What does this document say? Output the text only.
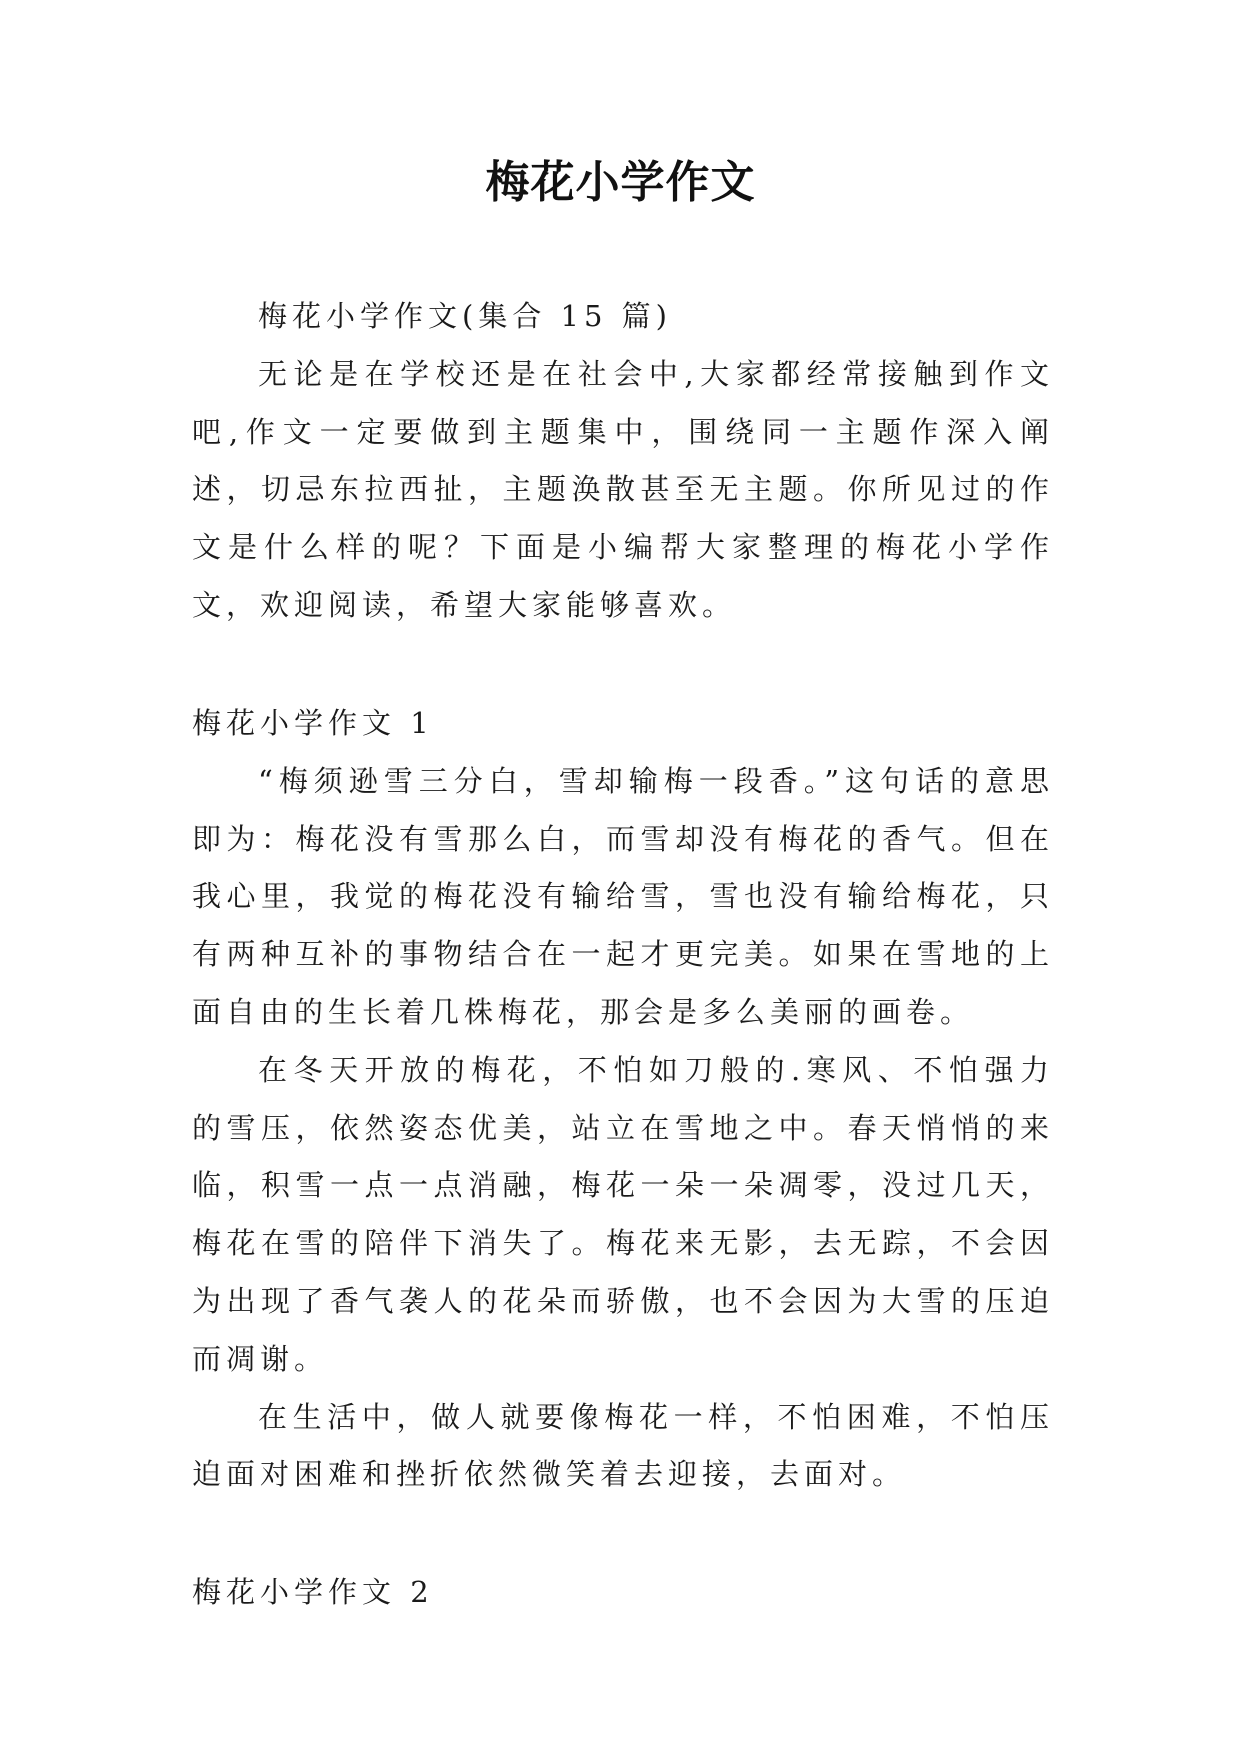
梅花小学作文

梅花小学作文(集合 15 篇)

无论是在学校还是在社会中,大家都经常接触到作文吧,作文一定要做到主题集中，围绕同一主题作深入阐述，切忌东拉西扯，主题涣散甚至无主题。你所见过的作文是什么样的呢？下面是小编帮大家整理的梅花小学作文，欢迎阅读，希望大家能够喜欢。

梅花小学作文 1

“梅须逊雪三分白，雪却输梅一段香。”这句话的意思即为：梅花没有雪那么白，而雪却没有梅花的香气。但在我心里，我觉的梅花没有输给雪，雪也没有输给梅花，只有两种互补的事物结合在一起才更完美。如果在雪地的上面自由的生长着几株梅花，那会是多么美丽的画卷。

在冬天开放的梅花，不怕如刀般的.寒风、不怕强力的雪压，依然姿态优美，站立在雪地之中。春天悄悄的来临，积雪一点一点消融，梅花一朵一朵凋零，没过几天，梅花在雪的陪伴下消失了。梅花来无影，去无踪，不会因为出现了香气袭人的花朵而骄傲，也不会因为大雪的压迫而凋谢。

在生活中，做人就要像梅花一样，不怕困难，不怕压迫面对困难和挫折依然微笑着去迎接，去面对。

梅花小学作文 2
